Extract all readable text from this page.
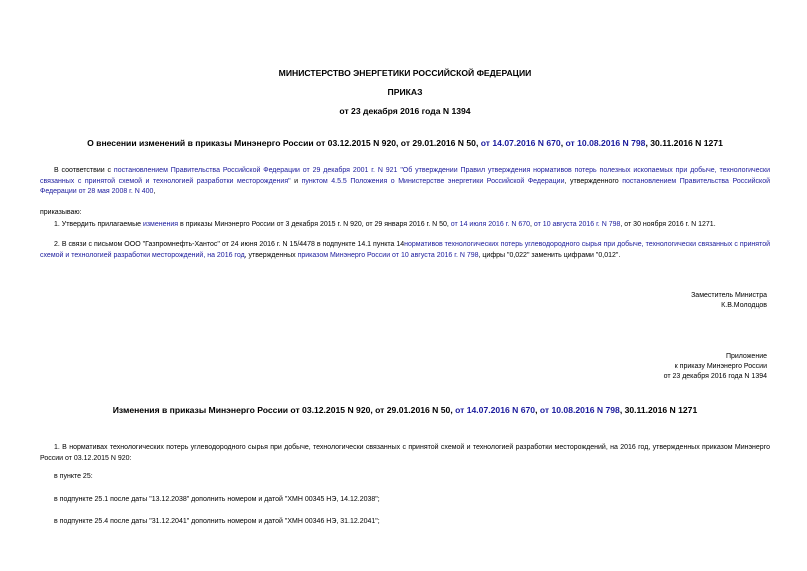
МИНИСТЕРСТВО ЭНЕРГЕТИКИ РОССИЙСКОЙ ФЕДЕРАЦИИ
ПРИКАЗ
от 23 декабря 2016 года N 1394
О внесении изменений в приказы Минэнерго России от 03.12.2015 N 920, от 29.01.2016 N 50, от 14.07.2016 N 670, от 10.08.2016 N 798, 30.11.2016 N 1271
В соответствии с постановлением Правительства Российской Федерации от 29 декабря 2001 г. N 921 "Об утверждении Правил утверждения нормативов потерь полезных ископаемых при добыче, технологически связанных с принятой схемой и технологией разработки месторождения" и пунктом 4.5.5 Положения о Министерстве энергетики Российской Федерации, утвержденного постановлением Правительства Российской Федерации от 28 мая 2008 г. N 400,
приказываю:
1. Утвердить прилагаемые изменения в приказы Минэнерго России от 3 декабря 2015 г. N 920, от 29 января 2016 г. N 50, от 14 июля 2016 г. N 670, от 10 августа 2016 г. N 798, от 30 ноября 2016 г. N 1271.
2. В связи с письмом ООО "Газпромнефть-Хантос" от 24 июня 2016 г. N 15/4478 в подпункте 14.1 пункта 14нормативов технологических потерь углеводородного сырья при добыче, технологически связанных с принятой схемой и технологией разработки месторождений, на 2016 год, утвержденных приказом Минэнерго России от 10 августа 2016 г. N 798, цифры "0,022" заменить цифрами "0,012".
Заместитель Министра
К.В.Молодцов
Приложение
к приказу Минэнерго России
от 23 декабря 2016 года N 1394
Изменения в приказы Минэнерго России от 03.12.2015 N 920, от 29.01.2016 N 50, от 14.07.2016 N 670, от 10.08.2016 N 798, 30.11.2016 N 1271
1. В нормативах технологических потерь углеводородного сырья при добыче, технологически связанных с принятой схемой и технологией разработки месторождений, на 2016 год, утвержденных приказом Минэнерго России от 03.12.2015 N 920:
в пункте 25:
в подпункте 25.1 после даты "13.12.2038" дополнить номером и датой "ХМН 00345 НЭ, 14.12.2038";
в подпункте 25.4 после даты "31.12.2041" дополнить номером и датой "ХМН 00346 НЭ, 31.12.2041";
